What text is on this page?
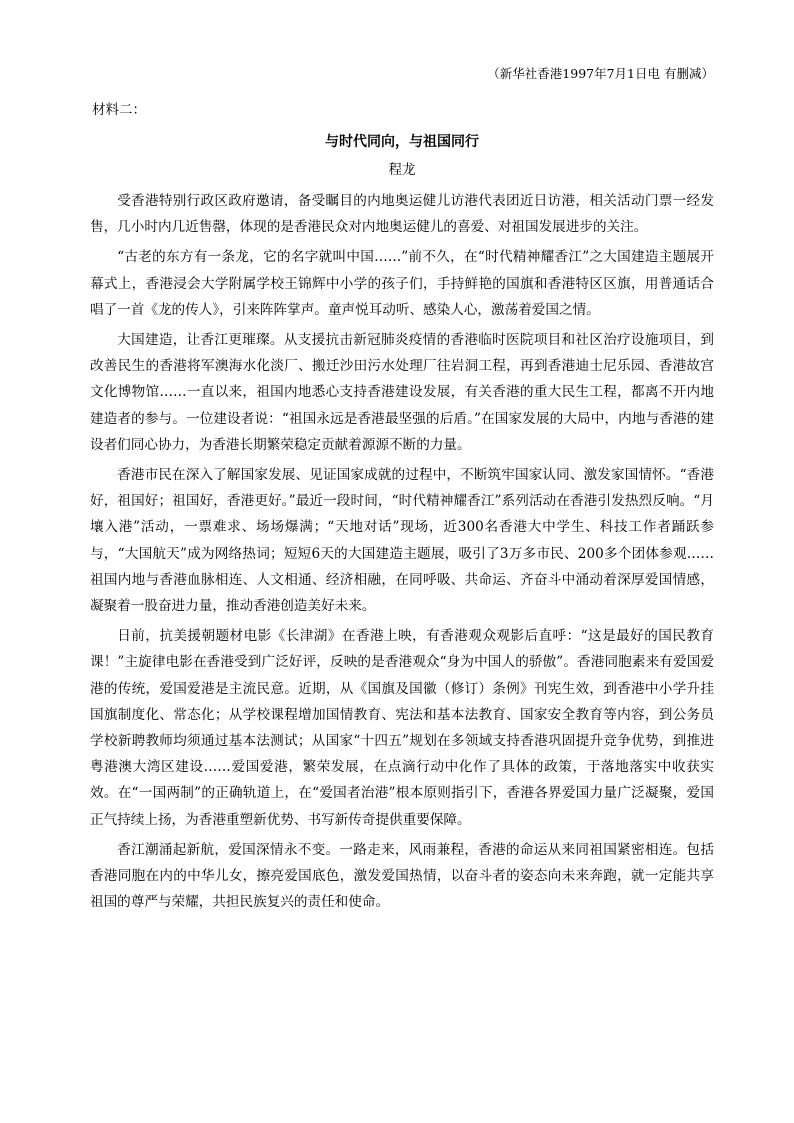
（新华社香港1997年7月1日电 有删减）
材料二：
与时代同向，与祖国同行
程龙

受香港特别行政区政府邀请，备受瞩目的内地奥运健儿访港代表团近日访港，相关活动门票一经发售，几小时内几近售罄，体现的是香港民众对内地奥运健儿的喜爱、对祖国发展进步的关注。

“古老的东方有一条龙，它的名字就叫中国……”前不久，在“时代精神耀香江”之大国建造主题展开幕式上，香港浸会大学附属学校王锦辉中小学的孩子们，手持鲜艳的国旗和香港特区区旗，用普通话合唱了一首《龙的传人》，引来阵阵掌声。童声悦耳动听、感染人心，激荡着爱国之情。

大国建造，让香江更璀璨。从支援抗击新冠肺炎疫情的香港临时医院项目和社区治疗设施项目，到改善民生的香港将军澳海水化淡厂、搬迁沙田污水处理厂往岩洞工程，再到香港迪士尼乐园、香港故宫文化博物馆……一直以来，祖国内地悉心支持香港建设发展，有关香港的重大民生工程，都离不开内地建造者的参与。一位建设者说：“祖国永远是香港最坚强的后盾。”在国家发展的大局中，内地与香港的建设者们同心协力，为香港长期繁荣稳定贡献着源源不断的力量。

香港市民在深入了解国家发展、见证国家成就的过程中，不断筑牢国家认同、激发家国情怀。“香港好，祖国好；祖国好，香港更好。”最近一段时间，“时代精神耀香江”系列活动在香港引发热烈反响。“月壤入港”活动，一票难求、场场爆满；“天地对话”现场，近300名香港大中学生、科技工作者踊跃参与，“大国航天”成为网络热词；短短6天的大国建造主题展，吸引了3万多市民、200多个团体参观……祖国内地与香港血脉相连、人文相通、经济相融，在同呼吸、共命运、齐奋斗中涌动着深厚爱国情感，凝聚着一股奋进力量，推动香港创造美好未来。

日前，抗美援朝题材电影《长津湖》在香港上映，有香港观众观影后直呼：“这是最好的国民教育课！”主旋律电影在香港受到广泛好评，反映的是香港观众“身为中国人的骄傲”。香港同胞素来有爱国爱港的传统，爱国爱港是主流民意。近期，从《国旗及国徽（修订）条例》刊宪生效，到香港中小学升挂国旗制度化、常态化；从学校课程增加国情教育、宪法和基本法教育、国家安全教育等内容，到公务员学校新聘教师均须通过基本法测试；从国家“十四五”规划在多领域支持香港巩固提升竞争优势，到推进粤港澳大湾区建设……爱国爱港，繁荣发展，在点滴行动中化作了具体的政策，于落地落实中收获实效。在“一国两制”的正确轨道上，在“爱国者治港”根本原则指引下，香港各界爱国力量广泛凝聚，爱国正气持续上扬，为香港重塑新优势、书写新传奇提供重要保障。

香江潮涌起新航，爱国深情永不变。一路走来，风雨兼程，香港的命运从来同祖国紧密相连。包括香港同胞在内的中华儿女，擦亮爱国底色，激发爱国热情，以奋斗者的姿态向未来奔跑，就一定能共享祖国的尊严与荣耀，共担民族复兴的责任和使命。
